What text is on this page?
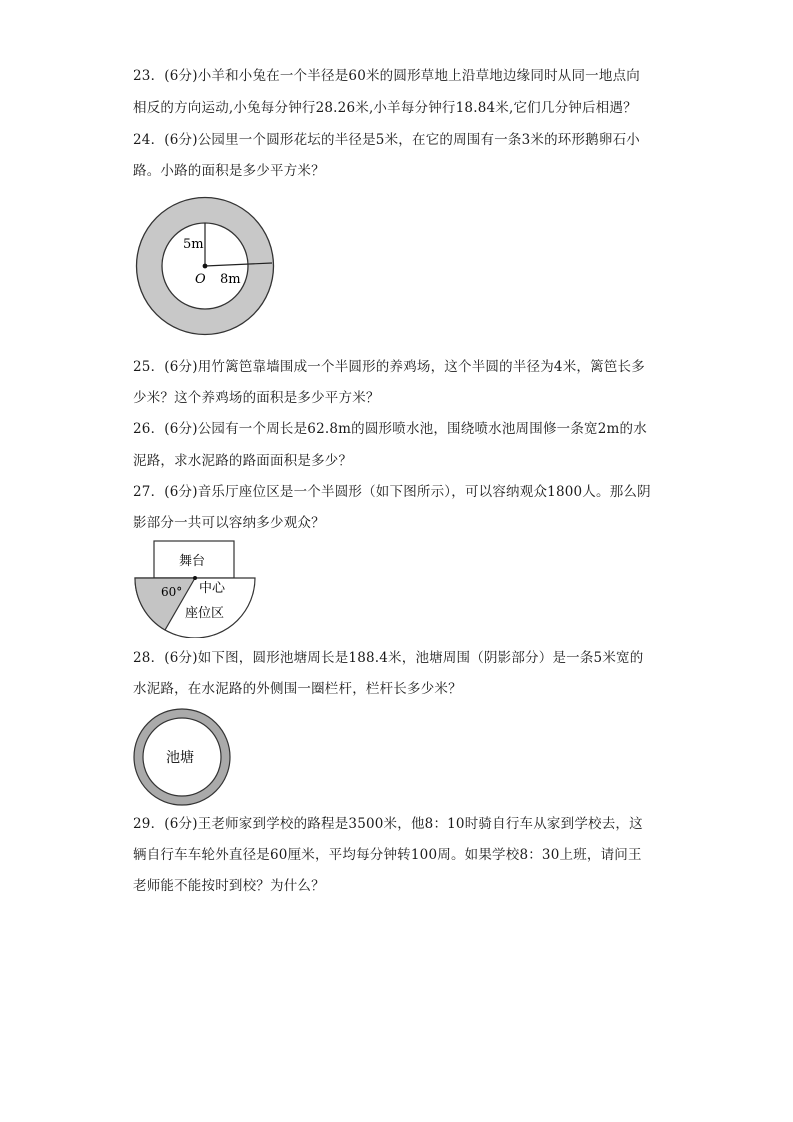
23．(6分)小羊和小兔在一个半径是60米的圆形草地上沿草地边缘同时从同一地点向
相反的方向运动,小兔每分钟行28.26米,小羊每分钟行18.84米,它们几分钟后相遇？
24．(6分)公园里一个圆形花坛的半径是5米，在它的周围有一条3米的环形鹅卵石小
路。小路的面积是多少平方米？
5m
8m
O
25．(6分)用竹篱笆靠墙围成一个半圆形的养鸡场，这个半圆的半径为4米，篱笆长多
少米？这个养鸡场的面积是多少平方米？
26．(6分)公园有一个周长是62.8m的圆形喷水池，围绕喷水池周围修一条宽2m的水
泥路，求水泥路的路面面积是多少？
27．(6分)音乐厅座位区是一个半圆形（如下图所示），可以容纳观众1800人。那么阴
影部分一共可以容纳多少观众？
舞台
60° 中心
座位区
28．(6分)如下图，圆形池塘周长是188.4米，池塘周围（阴影部分）是一条5米宽的
水泥路，在水泥路的外侧围一圈栏杆，栏杆长多少米？
池塘
29．(6分)王老师家到学校的路程是3500米，他8：10时骑自行车从家到学校去，这
辆自行车车轮外直径是60厘米，平均每分钟转100周。如果学校8：30上班，请问王
老师能不能按时到校？为什么？
